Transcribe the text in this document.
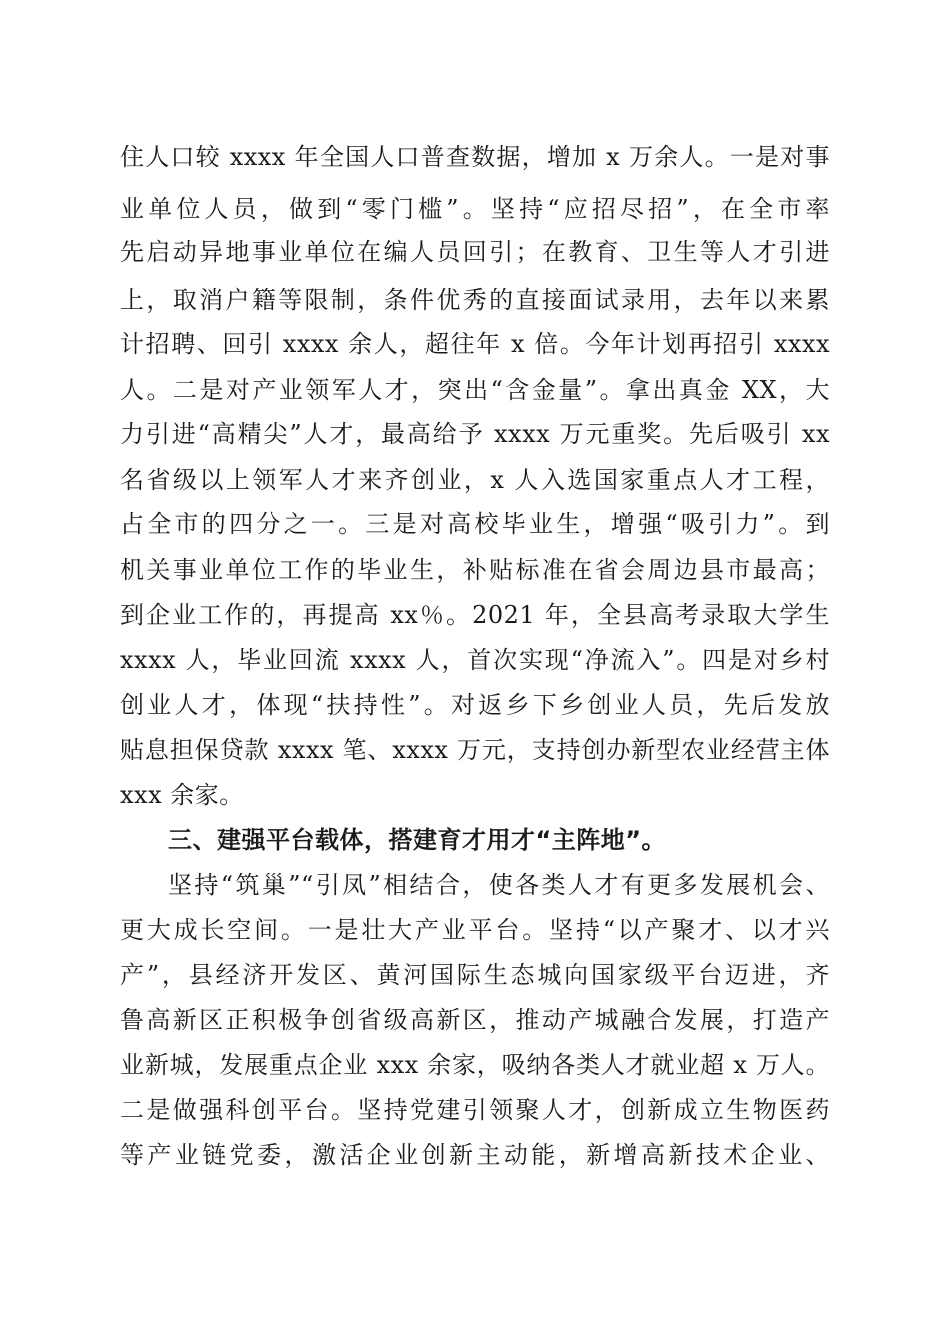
住人口较 xxxx 年全国人口普查数据，增加 x 万余人。一是对事
业单位人员，做到“零门槛”。坚持“应招尽招”，在全市率
先启动异地事业单位在编人员回引；在教育、卫生等人才引进
上，取消户籍等限制，条件优秀的直接面试录用，去年以来累
计招聘、回引 xxxx 余人，超往年 x 倍。今年计划再招引 xxxx
人。二是对产业领军人才，突出“含金量”。拿出真金 XX，大
力引进“高精尖”人才，最高给予 xxxx 万元重奖。先后吸引 xx
名省级以上领军人才来齐创业，x 人入选国家重点人才工程，
占全市的四分之一。三是对高校毕业生，增强“吸引力”。到
机关事业单位工作的毕业生，补贴标准在省会周边县市最高；
到企业工作的，再提高 xx％。2021 年，全县高考录取大学生
xxxx 人，毕业回流 xxxx 人，首次实现“净流入”。四是对乡村
创业人才，体现“扶持性”。对返乡下乡创业人员，先后发放
贴息担保贷款 xxxx 笔、xxxx 万元，支持创办新型农业经营主体
xxx 余家。
三、建强平台载体，搭建育才用才“主阵地”。
坚持“筑巢”“引凤”相结合，使各类人才有更多发展机会、
更大成长空间。一是壮大产业平台。坚持“以产聚才、以才兴
产”，县经济开发区、黄河国际生态城向国家级平台迈进，齐
鲁高新区正积极争创省级高新区，推动产城融合发展，打造产
业新城，发展重点企业 xxx 余家，吸纳各类人才就业超 x 万人。
二是做强科创平台。坚持党建引领聚人才，创新成立生物医药
等产业链党委，激活企业创新主动能，新增高新技术企业、
